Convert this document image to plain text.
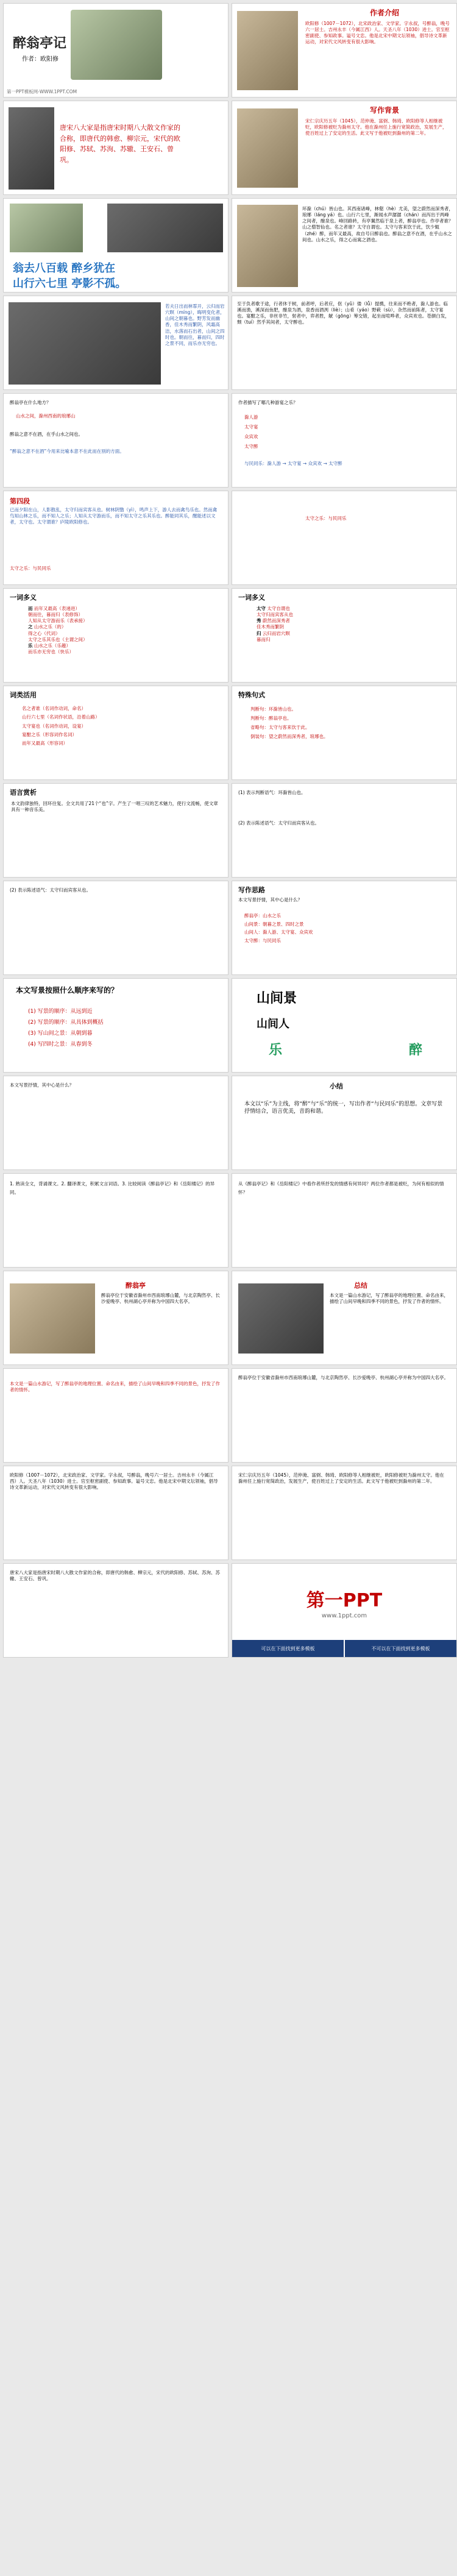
醉翁亭记
作者：欧阳修
第一PPT模板网-WWW.1PPT.COM
作者介绍
欧阳修（1007－1072），北宋政治家、文学家。字永叔，号醉翁，晚号六一居士。吉州永丰（今属江西）人。天圣八年（1030）进士。官至枢密副使、参知政事。谥号文忠。他是北宋中期文坛领袖，倡导诗文革新运动，对宋代文风转变有很大影响。
唐宋八大家是指唐宋时期八大散文作家的合称，即唐代的韩愈、柳宗元，宋代的欧阳修、苏轼、苏洵、苏辙、王安石、曾巩。
写作背景
宋仁宗庆历五年（1045），范仲淹、富弼、韩琦、欧阳修等人相继被贬，欧阳修被贬为滁州太守。他在滁州任上施行宽简政治，发展生产，使百姓过上了安定的生活。此文写于他被贬到滁州的第二年。
翁去八百载 醉乡犹在
山行六七里 亭影不孤。
环滁（chú）皆山也。其西南诸峰，林壑（hè）尤美，望之蔚然而深秀者，琅琊（láng yá）也。山行六七里，渐闻水声潺潺（chán）而泻出于两峰之间者，酿泉也。峰回路转，有亭翼然临于泉上者，醉翁亭也。作亭者谁？山之僧智仙也。名之者谁？太守自谓也。太守与客来饮于此，饮少辄（zhé）醉，而年又最高，故自号曰醉翁也。醉翁之意不在酒，在乎山水之间也。山水之乐，得之心而寓之酒也。
若夫日出而林霏开，云归而岩穴暝（míng），晦明变化者，山间之朝暮也。野芳发而幽香，佳木秀而繁阴，风霜高洁，水落而石出者，山间之四时也。朝而往，暮而归，四时之景不同，而乐亦无穷也。
至于负者歌于途，行者休于树，前者呼，后者应，伛（yǔ）偻（lǚ）提携，往来而不绝者，滁人游也。临溪而渔，溪深而鱼肥，酿泉为酒，泉香而酒洌（liè）；山肴（yáo）野蔌（sù），杂然而前陈者，太守宴也。宴酣之乐，非丝非竹，射者中，弈者胜，觥（gōng）筹交错，起坐而喧哗者，众宾欢也。苍颜白发，颓（tuí）然乎其间者，太守醉也。
醉翁亭在什么地方？
山水之间，滁州西南的琅琊山
醉翁之意不在酒，在乎山水之间也。
“醉翁之意不在酒”今用来比喻本意不在此而在别的方面。
作者描写了哪几种游宴之乐？
滁人游
太守宴
众宾欢
太守醉
与民同乐：滁人游 → 太守宴 → 众宾欢 → 太守醉
第四段
已而夕阳在山，人影散乱，太守归而宾客从也。树林阴翳（yì），鸣声上下，游人去而禽鸟乐也。然而禽鸟知山林之乐，而不知人之乐；人知从太守游而乐，而不知太守之乐其乐也。醉能同其乐，醒能述以文者，太守也。太守谓谁？庐陵欧阳修也。
太守之乐：与民同乐
太守之乐：与民同乐
一词多义
而 而年又最高（表递进）
朝而往，暮而归（表修饰）
人知从太守游而乐（表承接）
之 山水之乐（的）
得之心（代词）
太守之乐其乐也（主谓之间）
乐 山水之乐（乐趣）
而乐亦无穷也（快乐）
一词多义
太守 太守自谓也
太守归而宾客从也
秀 蔚然而深秀者
佳木秀而繁阴
归 云归而岩穴暝
暮而归
词类活用
名之者谁（名词作动词，命名）
山行六七里（名词作状语，沿着山路）
太守宴也（名词作动词，设宴）
宴酣之乐（形容词作名词）
而年又最高（形容词）
特殊句式
判断句：环滁皆山也。
判断句：醉翁亭也。
省略句：太守与客来饮于此。
倒装句：望之蔚然而深秀者，琅琊也。
语言赏析
本文韵律独特，回环往复。全文共用了21个“也”字。产生了一唱三叹的艺术魅力，使行文流畅，使文章具有一种音乐美。
(1) 表示判断语气：环滁皆山也。
(2) 表示陈述语气：太守归而宾客从也。
(2) 表示陈述语气：太守归而宾客从也。	写作思路
本文写景抒情，其中心是什么？
醉翁亭：山水之乐
山间景：朝暮之景、四时之景
山间人：滁人游、太守宴、众宾欢
太守醉：与民同乐
本文写景按照什么顺序来写的？
(1) 写景的顺序：从远到近
(2) 写景的顺序：从具体到概括
(3) 写山间之景：从朝到暮
(4) 写四时之景：从春到冬
山间景
山间人
乐	醉
本文写景抒情，其中心是什么？	小结
本文以“乐”为主线，将“醉”与“乐”的统一，写出作者“与民同乐”的思想。文章写景抒情结合，语言优美，音韵和谐。
1. 熟读全文，背诵课文。2. 翻译课文，积累文言词语。3. 比较阅读《醉翁亭记》和《岳阳楼记》的异同。
从《醉翁亭记》和《岳阳楼记》中看作者所抒发的情感有何异同？两位作者都是被贬，为何有相似的情怀？
醉翁亭
醉翁亭位于安徽省滁州市西南琅琊山麓，与北京陶然亭、长沙爱晚亭、杭州湖心亭并称为中国四大名亭。
总结
本文是一篇山水游记，写了醉翁亭的地理位置、命名由来，描绘了山间早晚和四季不同的景色，抒发了作者的情怀。
本文是一篇山水游记，写了醉翁亭的地理位置、命名由来，描绘了山间早晚和四季不同的景色，抒发了作者的情怀。
醉翁亭位于安徽省滁州市西南琅琊山麓，与北京陶然亭、长沙爱晚亭、杭州湖心亭并称为中国四大名亭。
欧阳修（1007－1072），北宋政治家、文学家。字永叔，号醉翁，晚号六一居士。吉州永丰（今属江西）人。天圣八年（1030）进士。官至枢密副使、参知政事。谥号文忠。他是北宋中期文坛领袖，倡导诗文革新运动，对宋代文风转变有很大影响。
宋仁宗庆历五年（1045），范仲淹、富弼、韩琦、欧阳修等人相继被贬，欧阳修被贬为滁州太守。他在滁州任上施行宽简政治，发展生产，使百姓过上了安定的生活。此文写于他被贬到滁州的第二年。
唐宋八大家是指唐宋时期八大散文作家的合称，即唐代的韩愈、柳宗元，宋代的欧阳修、苏轼、苏洵、苏辙、王安石、曾巩。
第一PPT
www.1ppt.com
可以在下面找到更多模板	不可以在下面找到更多模板
